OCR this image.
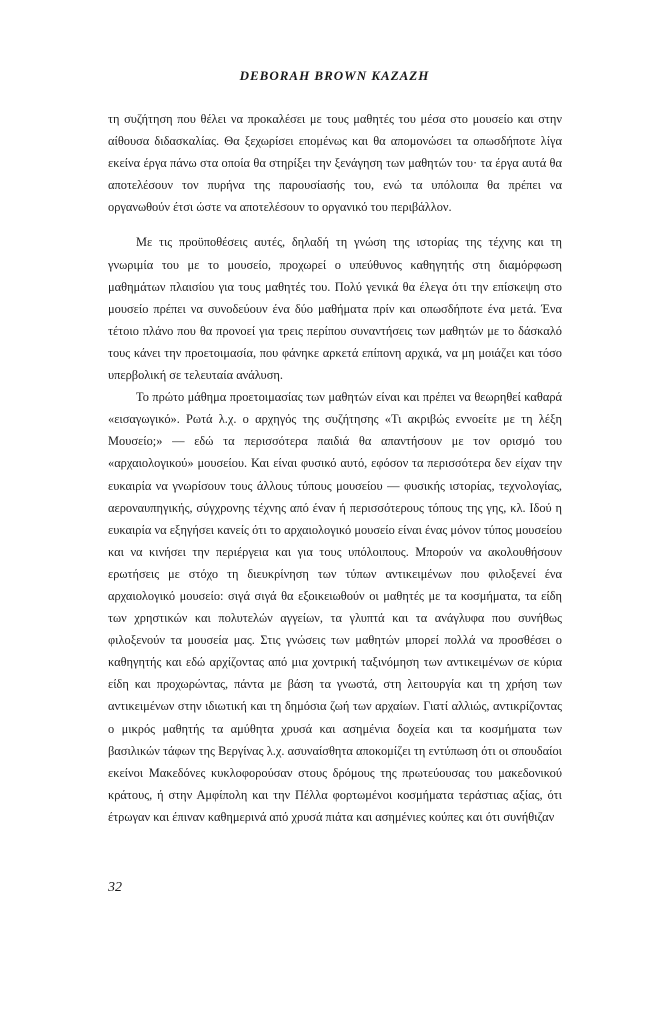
DEBORAH BROWN KAZAZH

τη συζήτηση που θέλει να προκαλέσει με τους μαθητές του μέσα στο μουσείο και στην αίθουσα διδασκαλίας. Θα ξεχωρίσει επομένως και θα απομονώσει τα οπωσδήποτε λίγα εκείνα έργα πάνω στα οποία θα στηρίξει την ξενάγηση των μαθητών του· τα έργα αυτά θα αποτελέσουν τον πυρήνα της παρουσίασής του, ενώ τα υπόλοιπα θα πρέπει να οργανωθούν έτσι ώστε να αποτελέσουν το οργανικό του περιβάλλον.

Με τις προϋποθέσεις αυτές, δηλαδή τη γνώση της ιστορίας της τέχνης και τη γνωριμία του με το μουσείο, προχωρεί ο υπεύθυνος καθηγητής στη διαμόρφωση μαθημάτων πλαισίου για τους μαθητές του. Πολύ γενικά θα έλεγα ότι την επίσκεψη στο μουσείο πρέπει να συνοδεύουν ένα δύο μαθήματα πρίν και οπωσδήποτε ένα μετά. Ένα τέτοιο πλάνο που θα προνοεί για τρεις περίπου συναντήσεις των μαθητών με το δάσκαλό τους κάνει την προετοιμασία, που φάνηκε αρκετά επίπονη αρχικά, να μη μοιάζει και τόσο υπερβολική σε τελευταία ανάλυση.

Το πρώτο μάθημα προετοιμασίας των μαθητών είναι και πρέπει να θεωρηθεί καθαρά «εισαγωγικό». Ρωτά λ.χ. ο αρχηγός της συζήτησης «Τι ακριβώς εννοείτε με τη λέξη Μουσείο;» — εδώ τα περισσότερα παιδιά θα απαντήσουν με τον ορισμό του «αρχαιολογικού» μουσείου. Και είναι φυσικό αυτό, εφόσον τα περισσότερα δεν είχαν την ευκαιρία να γνωρίσουν τους άλλους τύπους μουσείου — φυσικής ιστορίας, τεχνολογίας, αεροναυπηγικής, σύγχρονης τέχνης από έναν ή περισσότερους τόπους της γης, κλ. Ιδού η ευκαιρία να εξηγήσει κανείς ότι το αρχαιολογικό μουσείο είναι ένας μόνον τύπος μουσείου και να κινήσει την περιέργεια και για τους υπόλοιπους. Μπορούν να ακολουθήσουν ερωτήσεις με στόχο τη διευκρίνηση των τύπων αντικειμένων που φιλοξενεί ένα αρχαιολογικό μουσείο: σιγά σιγά θα εξοικειωθούν οι μαθητές με τα κοσμήματα, τα είδη των χρηστικών και πολυτελών αγγείων, τα γλυπτά και τα ανάγλυφα που συνήθως φιλοξενούν τα μουσεία μας. Στις γνώσεις των μαθητών μπορεί πολλά να προσθέσει ο καθηγητής και εδώ αρχίζοντας από μια χοντρική ταξινόμηση των αντικειμένων σε κύρια είδη και προχωρώντας, πάντα με βάση τα γνωστά, στη λειτουργία και τη χρήση των αντικειμένων στην ιδιωτική και τη δημόσια ζωή των αρχαίων. Γιατί αλλιώς, αντικρίζοντας ο μικρός μαθητής τα αμύθητα χρυσά και ασημένια δοχεία και τα κοσμήματα των βασιλικών τάφων της Βεργίνας λ.χ. ασυναίσθητα αποκομίζει τη εντύπωση ότι οι σπουδαίοι εκείνοι Μακεδόνες κυκλοφορούσαν στους δρόμους της πρωτεύουσας του μακεδονικού κράτους, ή στην Αμφίπολη και την Πέλλα φορτωμένοι κοσμήματα τεράστιας αξίας, ότι έτρωγαν και έπιναν καθημερινά από χρυσά πιάτα και ασημένιες κούπες και ότι συνήθιζαν

32
